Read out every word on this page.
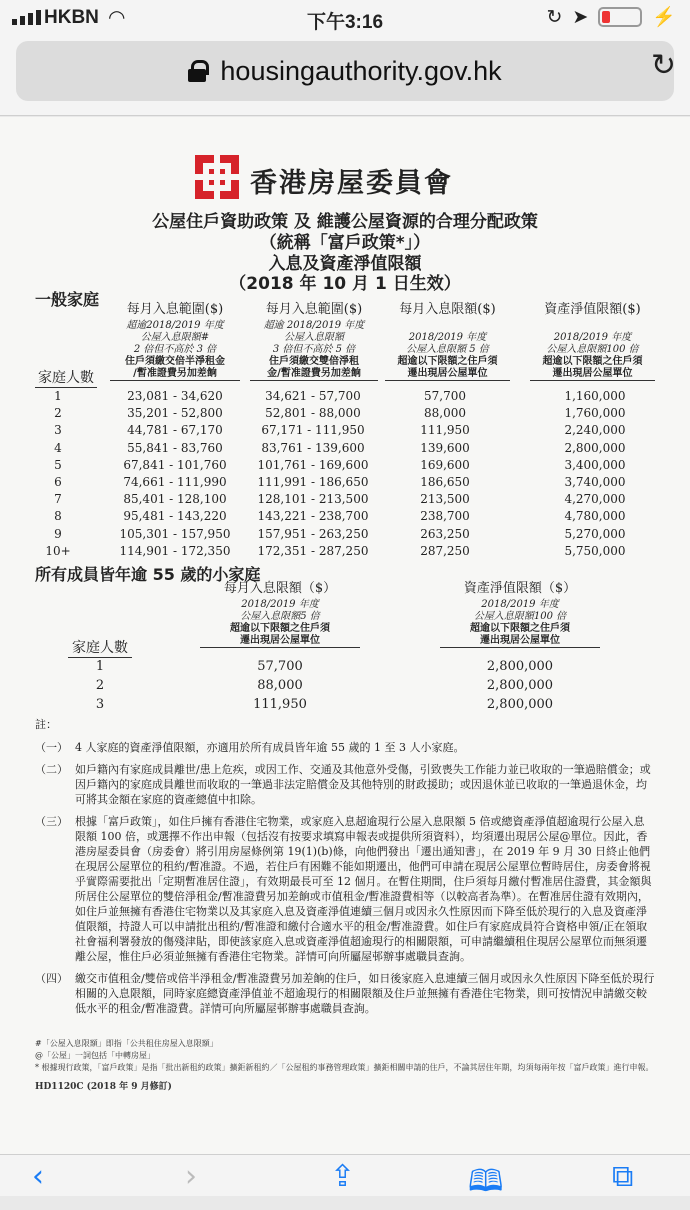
HKBN ◠	下午3:16	↻ ➤	⚡
housingauthority.gov.hk	↻
香港房屋委員會
公屋住戶資助政策 及 維護公屋資源的合理分配政策
（統稱「富戶政策*」）
入息及資產淨值限額
（2018 年 10 月 1 日生效）
一般家庭
每月入息範圍($)
超逾2018/2019 年度
公屋入息限額#
2 倍但不高於 3 倍
住戶須繳交倍半淨租金
/暫准證費另加差餉
每月入息範圍($)
超逾 2018/2019 年度
公屋入息限額
3 倍但不高於 5 倍
住戶須繳交雙倍淨租
金/暫准證費另加差餉
每月入息限額($)
2018/2019 年度
公屋入息限額 5 倍
超逾以下限額之住戶須
遷出現居公屋單位
資產淨值限額($)
2018/2019 年度
公屋入息限額100 倍
超逾以下限額之住戶須
遷出現居公屋單位
家庭人數
1	23,081 - 34,620	34,621 - 57,700	57,700	1,160,000
2	35,201 - 52,800	52,801 - 88,000	88,000	1,760,000
3	44,781 - 67,170	67,171 - 111,950	111,950	2,240,000
4	55,841 - 83,760	83,761 - 139,600	139,600	2,800,000
5	67,841 - 101,760	101,761 - 169,600	169,600	3,400,000
6	74,661 - 111,990	111,991 - 186,650	186,650	3,740,000
7	85,401 - 128,100	128,101 - 213,500	213,500	4,270,000
8	95,481 - 143,220	143,221 - 238,700	238,700	4,780,000
9	105,301 - 157,950	157,951 - 263,250	263,250	5,270,000
10+	114,901 - 172,350	172,351 - 287,250	287,250	5,750,000
所有成員皆年逾 55 歲的小家庭
每月入息限額（$）
2018/2019 年度
公屋入息限額5 倍
超逾以下限額之住戶須
遷出現居公屋單位
資產淨值限額（$）
2018/2019 年度
公屋入息限額100 倍
超逾以下限額之住戶須
遷出現居公屋單位
家庭人數
1	57,700	2,800,000
2	88,000	2,800,000
3	111,950	2,800,000
註：
（一） 4 人家庭的資產淨值限額，亦適用於所有成員皆年逾 55 歲的 1 至 3 人小家庭。
（二） 如戶籍內有家庭成員離世/患上危疾，或因工作、交通及其他意外受傷，引致喪失工作能力並已收取的一筆過賠償金；或因戶籍內的家庭成員離世而收取的一筆過非法定賠償金及其他特別的財政援助；或因退休並已收取的一筆過退休金，均可將其金額在家庭的資產總值中扣除。
（三） 根據「富戶政策」，如住戶擁有香港住宅物業，或家庭入息超逾現行公屋入息限額 5 倍或總資產淨值超逾現行公屋入息限額 100 倍，或選擇不作出申報（包括沒有按要求填寫申報表或提供所須資料），均須遷出現居公屋@單位。因此，香港房屋委員會（房委會）將引用房屋條例第 19(1)(b)條，向他們發出「遷出通知書」，在 2019 年 9 月 30 日終止他們在現居公屋單位的租約/暫准證。不過，若住戶有困難不能如期遷出，他們可申請在現居公屋單位暫時居住，房委會將視乎實際需要批出「定期暫准居住證」，有效期最長可至 12 個月。在暫住期間，住戶須每月繳付暫准居住證費，其金額與所居住公屋單位的雙倍淨租金/暫准證費另加差餉或市值租金/暫准證費相等（以較高者為準）。在暫准居住證有效期內，如住戶並無擁有香港住宅物業以及其家庭入息及資產淨值連續三個月或因永久性原因而下降至低於現行的入息及資產淨值限額，持證人可以申請批出租約/暫准證和繳付合適水平的租金/暫准證費。如住戶有家庭成員符合資格申領/正在領取社會福利署發放的傷殘津貼，即使該家庭入息或資產淨值超逾現行的相關限額，可申請繼續租住現居公屋單位而無須遷離公屋，惟住戶必須並無擁有香港住宅物業。詳情可向所屬屋邨辦事處職員查詢。
（四） 繳交市值租金/雙倍或倍半淨租金/暫准證費另加差餉的住戶，如日後家庭入息連續三個月或因永久性原因下降至低於現行相關的入息限額，同時家庭總資產淨值並不超逾現行的相關限額及住戶並無擁有香港住宅物業，則可按情況申請繳交較低水平的租金/暫准證費。詳情可向所屬屋邨辦事處職員查詢。
#「公屋入息限額」即指「公共租住房屋入息限額」
@「公屋」一詞包括「中轉房屋」
* 根據現行政策，「富戶政策」是指「批出新租約政策」擴鉅新租約／「公屋租約事務管理政策」擴鉅相關申請的住戶，不論其居住年期，均須每兩年按「富戶政策」進行申報。
HD1120C (2018 年 9 月修訂)
‹	›	⇪	🕮	⧉
